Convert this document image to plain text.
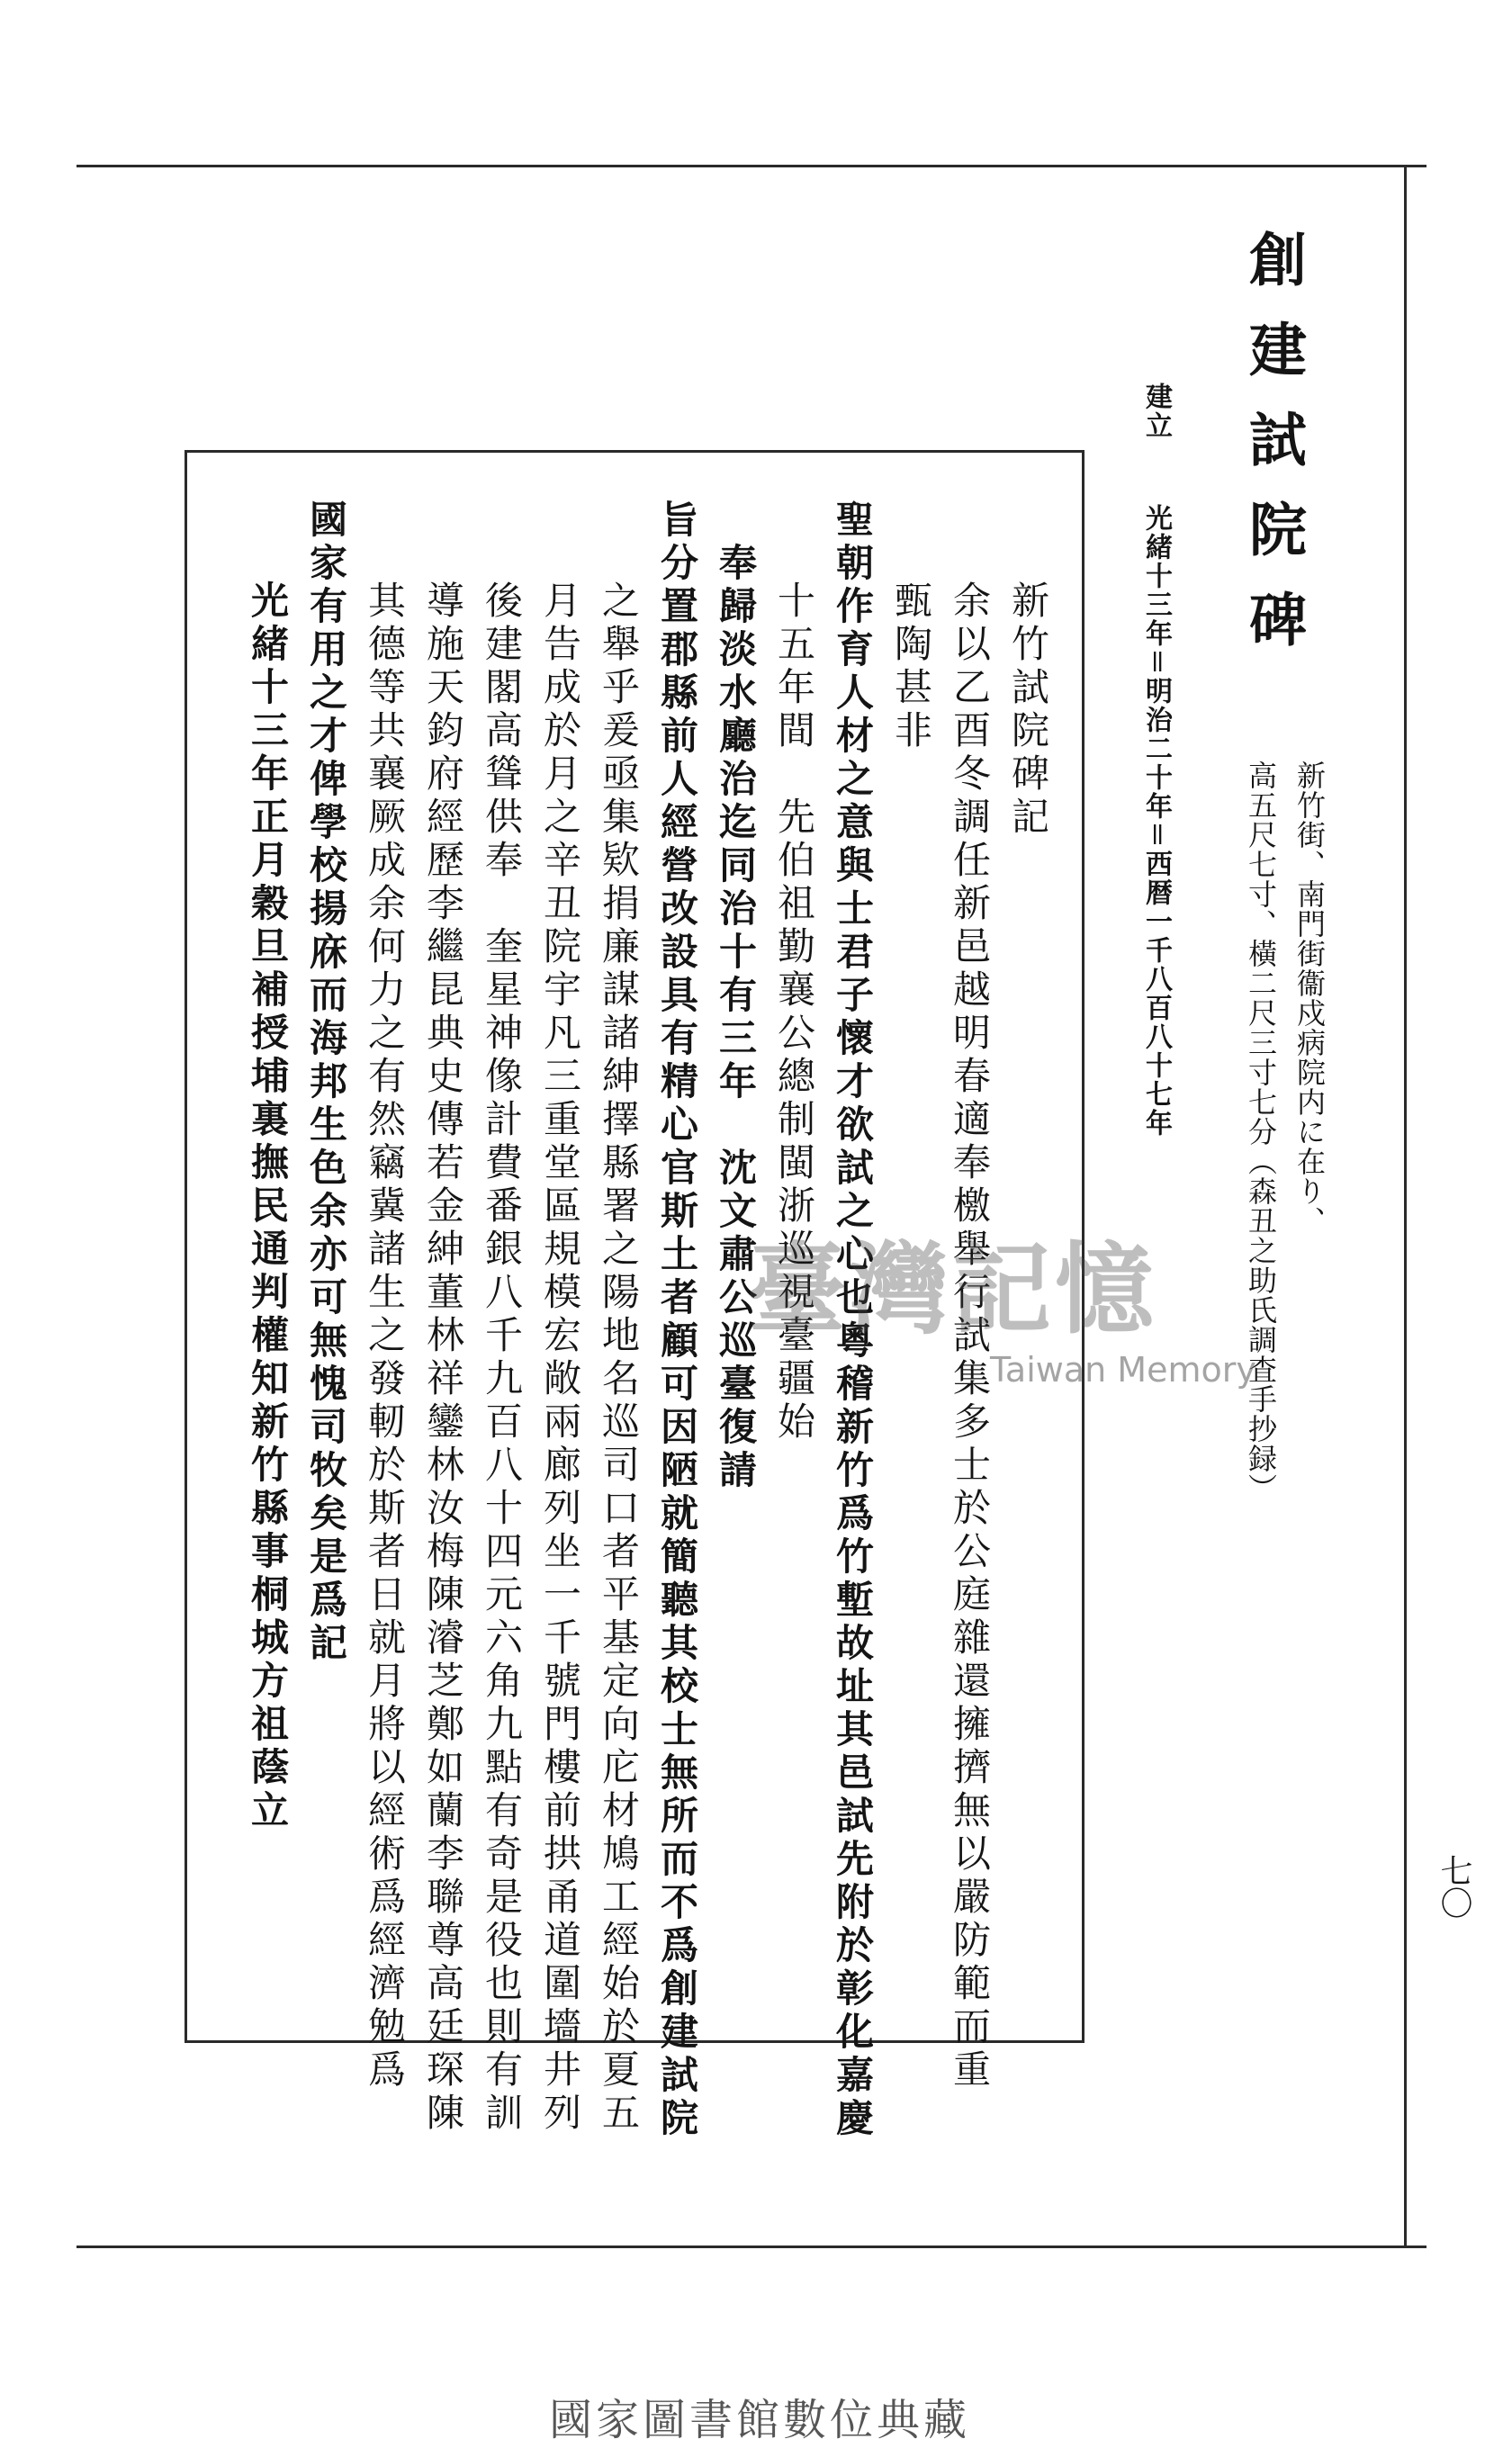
創建試院碑
新竹街、南門街衞戍病院内に在り、
高五尺七寸、橫二尺三寸七分（森丑之助氏調査手抄録）
建立
光緒十三年＝明治二十年＝西暦一千八百八十七年
新竹試院碑記
余以乙酉冬調任新邑越明春適奉檄舉行試集多士於公庭雜還擁擠無以嚴防範而重
甄陶甚非
聖朝作育人材之意與士君子懷才欲試之心也粵稽新竹爲竹塹故址其邑試先附於彰化嘉慶
十五年間　先伯祖勤襄公總制閩浙巡視臺疆始
奉歸淡水廳治迄同治十有三年　沈文肅公巡臺復請
旨分置郡縣前人經營改設具有精心官斯土者顧可因陋就簡聽其校士無所而不爲創建試院
之舉乎爰亟集欵捐廉謀諸紳擇縣署之陽地名巡司口者平基定向庀材鳩工經始於夏五
月告成於月之辛丑院宇凡三重堂區規模宏敞兩廊列坐一千號門樓前拱甬道圍墻井列
後建閣高聳供奉　奎星神像計費番銀八千九百八十四元六角九點有奇是役也則有訓
導施天鈞府經歷李繼昆典史傳若金紳董林祥鑾林汝梅陳濬芝鄭如蘭李聯尊高廷琛陳
其德等共襄厥成余何力之有然竊冀諸生之發軔於斯者日就月將以經術爲經濟勉爲
國家有用之才俾學校揚庥而海邦生色余亦可無愧司牧矣是爲記
光緒十三年正月穀旦補授埔裏撫民通判權知新竹縣事桐城方祖蔭立
七〇
臺灣記憶
Taiwan Memory
國家圖書館數位典藏
